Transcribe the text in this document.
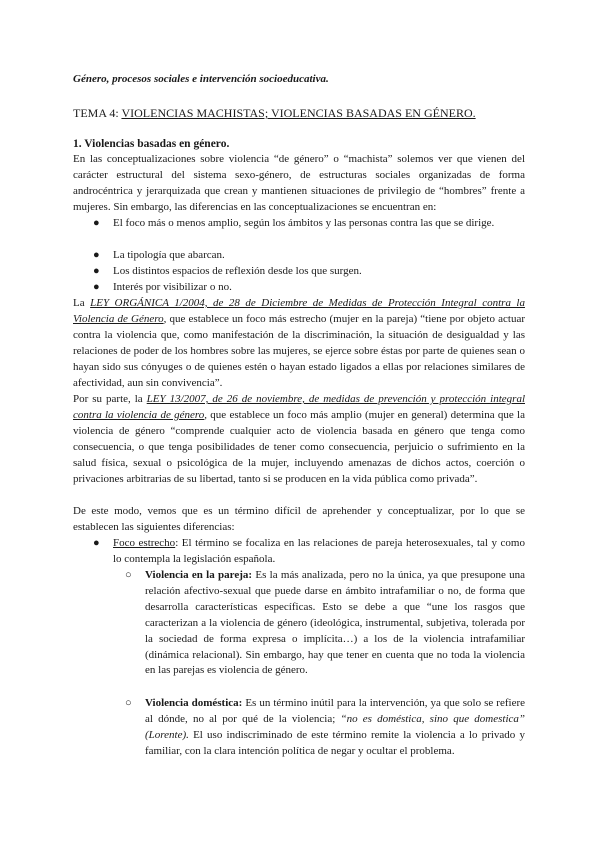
Género, procesos sociales e intervención socioeducativa.
TEMA 4: VIOLENCIAS MACHISTAS; VIOLENCIAS BASADAS EN GÉNERO.
1. Violencias basadas en género.

En las conceptualizaciones sobre violencia “de género” o “machista” solemos ver que vienen del carácter estructural del sistema sexo-género, de estructuras sociales organizadas de forma androcéntrica y jerarquizada que crean y mantienen situaciones de privilegio de “hombres” frente a mujeres. Sin embargo, las diferencias en las conceptualizaciones se encuentran en:

● El foco más o menos amplio, según los ámbitos y las personas contra las que se dirige.
● La tipología que abarcan.
● Los distintos espacios de reflexión desde los que surgen.
● Interés por visibilizar o no.

La LEY ORGÁNICA 1/2004, de 28 de Diciembre de Medidas de Protección Integral contra la Violencia de Género, que establece un foco más estrecho (mujer en la pareja) “tiene por objeto actuar contra la violencia que, como manifestación de la discriminación, la situación de desigualdad y las relaciones de poder de los hombres sobre las mujeres, se ejerce sobre éstas por parte de quienes sean o hayan sido sus cónyuges o de quienes estén o hayan estado ligados a ellas por relaciones similares de afectividad, aun sin convivencia”.

Por su parte, la LEY 13/2007, de 26 de noviembre, de medidas de prevención y protección integral contra la violencia de género, que establece un foco más amplio (mujer en general) determina que la violencia de género “comprende cualquier acto de violencia basada en género que tenga como consecuencia, o que tenga posibilidades de tener como consecuencia, perjuicio o sufrimiento en la salud física, sexual o psicológica de la mujer, incluyendo amenazas de dichos actos, coerción o privaciones arbitrarias de su libertad, tanto si se producen en la vida pública como privada”.

De este modo, vemos que es un término difícil de aprehender y conceptualizar, por lo que se establecen las siguientes diferencias:

● Foco estrecho: El término se focaliza en las relaciones de pareja heterosexuales, tal y como lo contempla la legislación española.
○ Violencia en la pareja: Es la más analizada, pero no la única, ya que presupone una relación afectivo-sexual que puede darse en ámbito intrafamiliar o no, de forma que desarrolla características específicas. Esto se debe a que “une los rasgos que caracterizan a la violencia de género (ideológica, instrumental, subjetiva, tolerada por la sociedad de forma expresa o implícita…) a los de la violencia intrafamiliar (dinámica relacional). Sin embargo, hay que tener en cuenta que no toda la violencia en las parejas es violencia de género.
○ Violencia doméstica: Es un término inútil para la intervención, ya que solo se refiere al dónde, no al por qué de la violencia; “no es doméstica, sino que domestica” (Lorente). El uso indiscriminado de este término remite la violencia a lo privado y familiar, con la clara intención política de negar y ocultar el problema.
